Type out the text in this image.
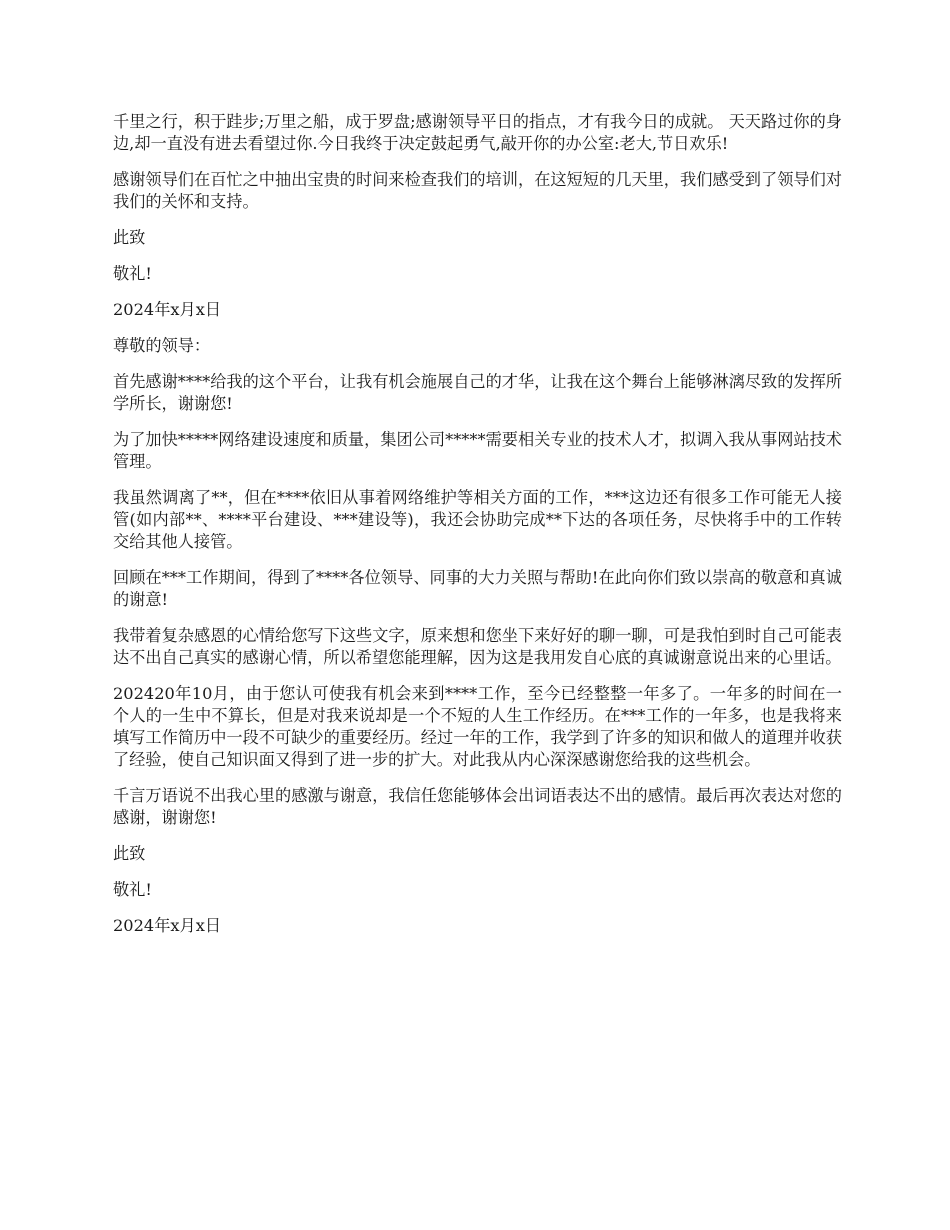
千里之行，积于跬步;万里之船，成于罗盘;感谢领导平日的指点，才有我今日的成就。 天天路过你的身边,却一直没有进去看望过你.今日我终于决定鼓起勇气,敲开你的办公室:老大,节日欢乐!

感谢领导们在百忙之中抽出宝贵的时间来检查我们的培训，在这短短的几天里，我们感受到了领导们对我们的关怀和支持。

此致

敬礼!

2024年x月x日

尊敬的领导：

首先感谢****给我的这个平台，让我有机会施展自己的才华，让我在这个舞台上能够淋漓尽致的发挥所学所长，谢谢您!

为了加快*****网络建设速度和质量，集团公司*****需要相关专业的技术人才，拟调入我从事网站技术管理。

我虽然调离了**，但在****依旧从事着网络维护等相关方面的工作，***这边还有很多工作可能无人接管(如内部**、****平台建设、***建设等)，我还会协助完成**下达的各项任务，尽快将手中的工作转交给其他人接管。

回顾在***工作期间，得到了****各位领导、同事的大力关照与帮助!在此向你们致以崇高的敬意和真诚的谢意!

我带着复杂感恩的心情给您写下这些文字，原来想和您坐下来好好的聊一聊，可是我怕到时自己可能表达不出自己真实的感谢心情，所以希望您能理解，因为这是我用发自心底的真诚谢意说出来的心里话。

202420年10月，由于您认可使我有机会来到****工作，至今已经整整一年多了。一年多的时间在一个人的一生中不算长，但是对我来说却是一个不短的人生工作经历。在***工作的一年多，也是我将来填写工作简历中一段不可缺少的重要经历。经过一年的工作，我学到了许多的知识和做人的道理并收获了经验，使自己知识面又得到了进一步的扩大。对此我从内心深深感谢您给我的这些机会。

千言万语说不出我心里的感激与谢意，我信任您能够体会出词语表达不出的感情。最后再次表达对您的感谢，谢谢您!

此致

敬礼!

2024年x月x日
